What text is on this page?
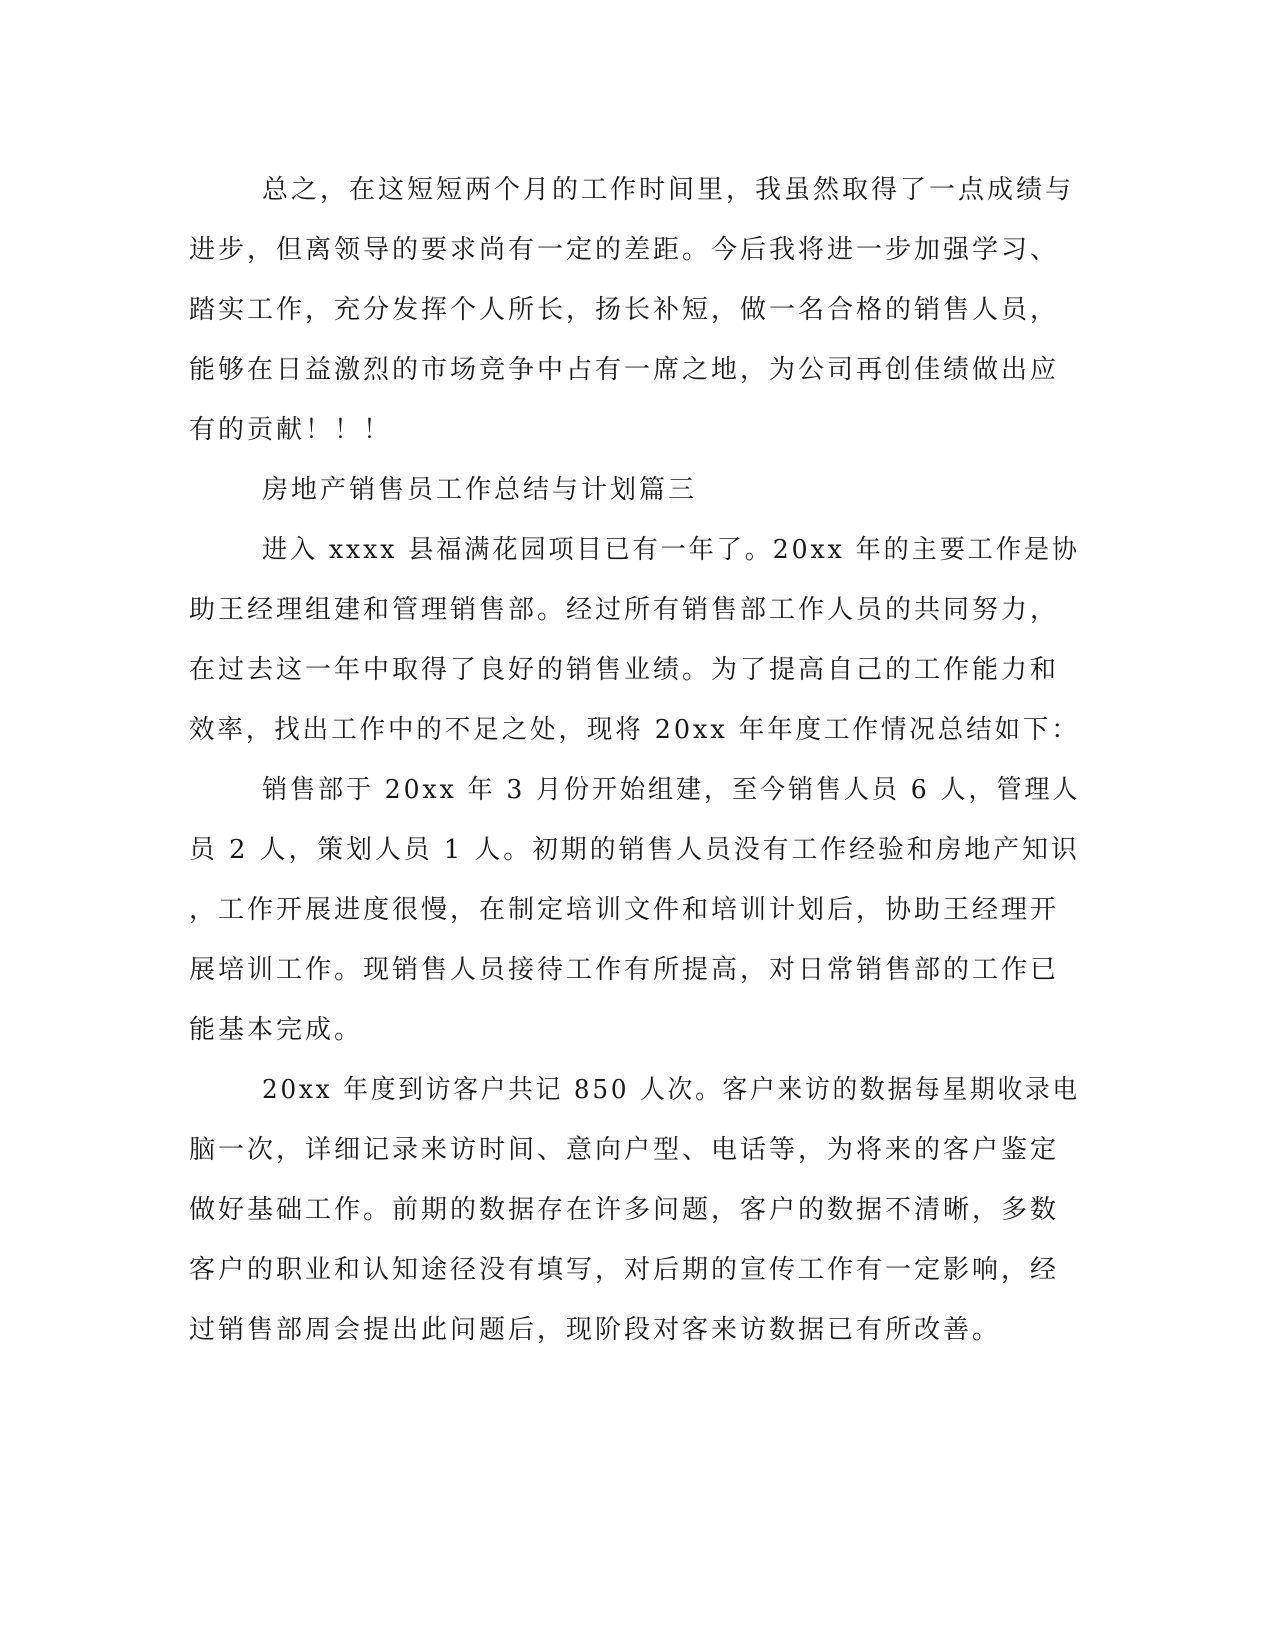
总之，在这短短两个月的工作时间里，我虽然取得了一点成绩与
进步，但离领导的要求尚有一定的差距。今后我将进一步加强学习、
踏实工作，充分发挥个人所长，扬长补短，做一名合格的销售人员，
能够在日益激烈的市场竞争中占有一席之地，为公司再创佳绩做出应
有的贡献！！！
房地产销售员工作总结与计划篇三
进入 xxxx 县福满花园项目已有一年了。20xx 年的主要工作是协
助王经理组建和管理销售部。经过所有销售部工作人员的共同努力，
在过去这一年中取得了良好的销售业绩。为了提高自己的工作能力和
效率，找出工作中的不足之处，现将 20xx 年年度工作情况总结如下：
销售部于 20xx 年 3 月份开始组建，至今销售人员 6 人，管理人
员 2 人，策划人员 1 人。初期的销售人员没有工作经验和房地产知识
，工作开展进度很慢，在制定培训文件和培训计划后，协助王经理开
展培训工作。现销售人员接待工作有所提高，对日常销售部的工作已
能基本完成。
20xx 年度到访客户共记 850 人次。客户来访的数据每星期收录电
脑一次，详细记录来访时间、意向户型、电话等，为将来的客户鉴定
做好基础工作。前期的数据存在许多问题，客户的数据不清晰，多数
客户的职业和认知途径没有填写，对后期的宣传工作有一定影响，经
过销售部周会提出此问题后，现阶段对客来访数据已有所改善。
